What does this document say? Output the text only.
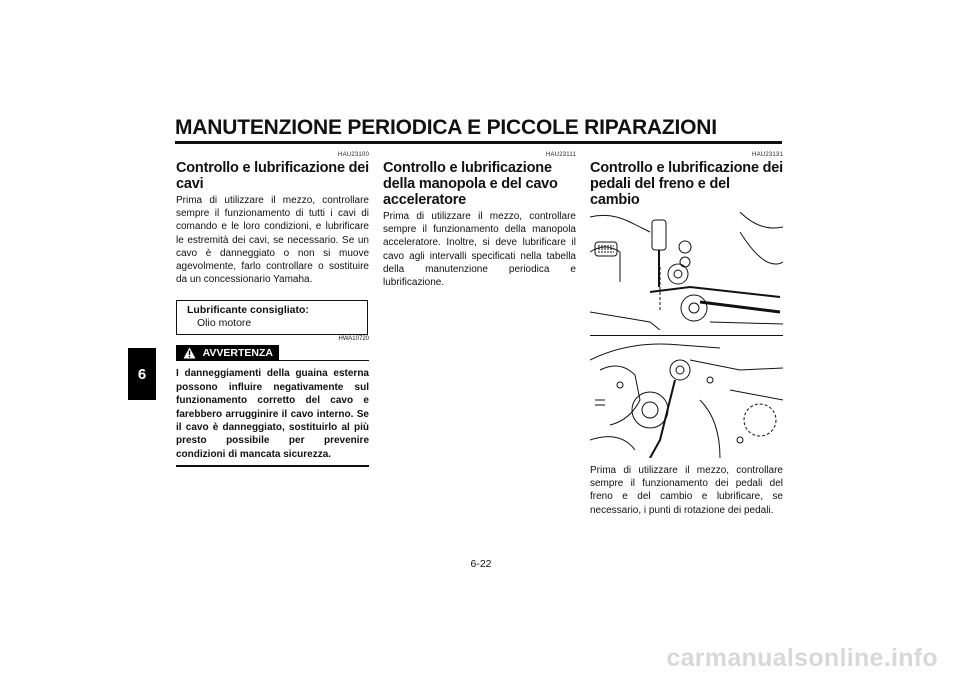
MANUTENZIONE PERIODICA E PICCOLE RIPARAZIONI
6
HAU23100
Controllo e lubrificazione dei cavi

Prima di utilizzare il mezzo, controllare sempre il funzionamento di tutti i cavi di comando e le loro condizioni, e lubrificare le estremità dei cavi, se necessario. Se un cavo è danneggiato o non si muove agevolmente, farlo controllare o sostituire da un concessionario Yamaha.

Lubrificante consigliato:
Olio motore
HWA10720
AVVERTENZA

I danneggiamenti della guaina esterna possono influire negativamente sul funzionamento corretto del cavo e farebbero arrugginire il cavo interno. Se il cavo è danneggiato, sostituirlo al più presto possibile per prevenire condizioni di mancata sicurezza.

HAU23111
Controllo e lubrificazione della manopola e del cavo acceleratore

Prima di utilizzare il mezzo, controllare sempre il funzionamento della manopola acceleratore. Inoltre, si deve lubrificare il cavo agli intervalli specificati nella tabella della manutenzione periodica e lubrificazione.

HAU23131
Controllo e lubrificazione dei pedali del freno e del cambio

Prima di utilizzare il mezzo, controllare sempre il funzionamento dei pedali del freno e del cambio e lubrificare, se necessario, i punti di rotazione dei pedali.

6-22
carmanualsonline.info
